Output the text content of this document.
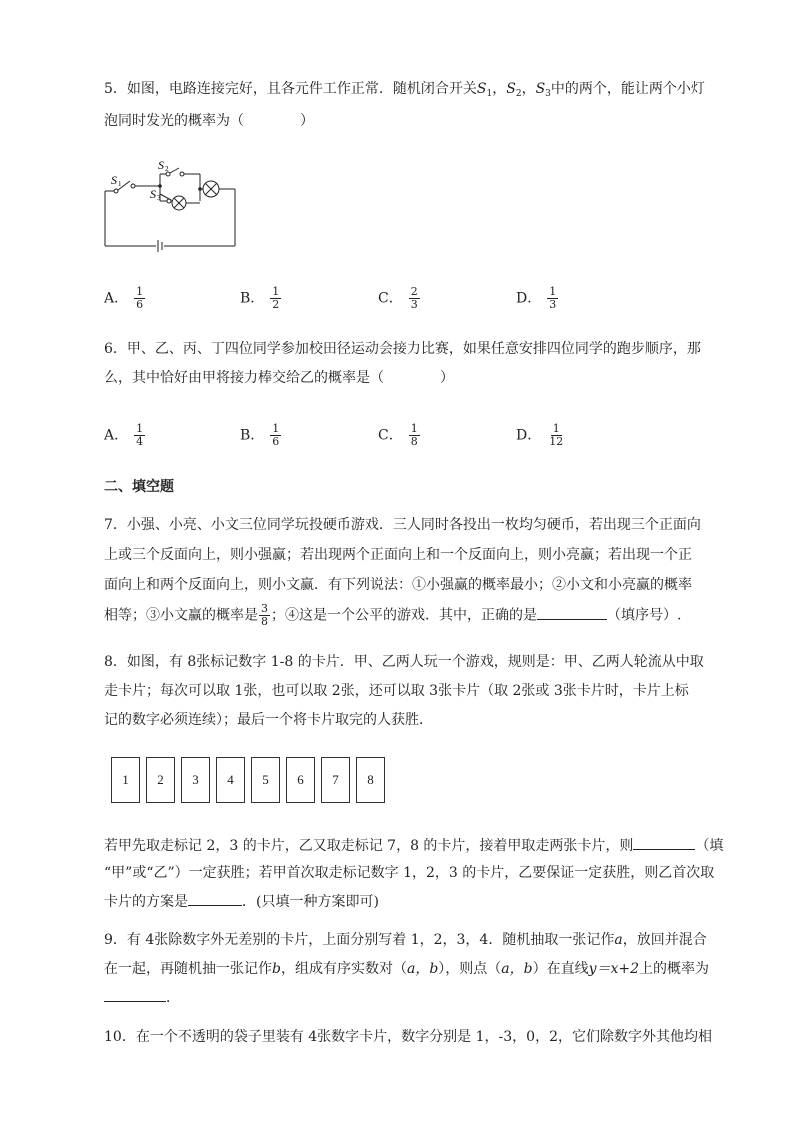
5．如图，电路连接完好，且各元件工作正常．随机闭合开关$S_1$，$S_2$，$S_3$中的两个，能让两个小灯
泡同时发光的概率为（　　　　）
S 1
S 2
S 3
A． $\frac{1}{6}$	B． $\frac{1}{2}$	C． $\frac{2}{3}$	D． $\frac{1}{3}$
6．甲、乙、丙、丁四位同学参加校田径运动会接力比赛，如果任意安排四位同学的跑步顺序，那
么，其中恰好由甲将接力棒交给乙的概率是（　　　　）
A． $\frac{1}{4}$	B． $\frac{1}{6}$	C． $\frac{1}{8}$	D． $\frac{1}{12}$
二、填空题
7．小强、小亮、小文三位同学玩投硬币游戏．三人同时各投出一枚均匀硬币，若出现三个正面向
上或三个反面向上，则小强赢；若出现两个正面向上和一个反面向上，则小亮赢；若出现一个正
面向上和两个反面向上，则小文赢．有下列说法：①小强赢的概率最小；②小文和小亮赢的概率
相等；③小文赢的概率是 $\frac{3}{8}$ ；④这是一个公平的游戏．其中，正确的是	（填序号）.
8．如图，有 8张标记数字 1-8 的卡片．甲、乙两人玩一个游戏，规则是：甲、乙两人轮流从中取
走卡片；每次可以取 1张，也可以取 2张，还可以取 3张卡片（取 2张或 3张卡片时，卡片上标
记的数字必须连续）；最后一个将卡片取完的人获胜．
1	2	3	4	5	6	7	8
若甲先取走标记 2，3 的卡片，乙又取走标记 7，8 的卡片，接着甲取走两张卡片，则	（填
“甲”或“乙”）一定获胜；若甲首次取走标记数字 1，2，3 的卡片，乙要保证一定获胜，则乙首次取
卡片的方案是	．(只填一种方案即可)
9．有 4张除数字外无差别的卡片，上面分别写着 1，2，3，4．随机抽取一张记作a，放回并混合
在一起，再随机抽一张记作b，组成有序实数对（a，b），则点（a，b）在直线y＝x+2上的概率为
．
10．在一个不透明的袋子里装有 4张数字卡片，数字分别是 1，-3，0，2，它们除数字外其他均相
